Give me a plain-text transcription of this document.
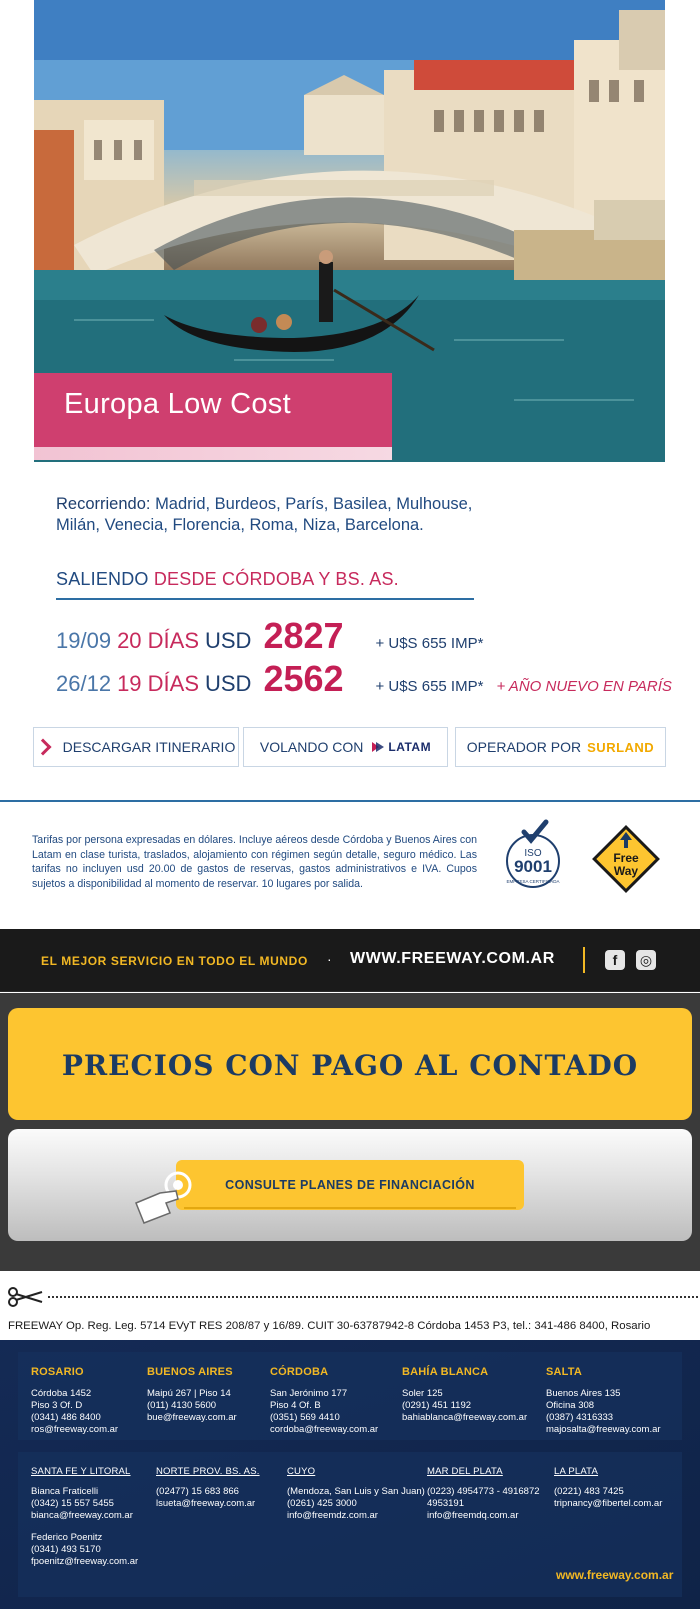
Europa Low Cost
Recorriendo: Madrid, Burdeos, París, Basilea, Mulhouse, Milán, Venecia, Florencia, Roma, Niza, Barcelona.
SALIENDO DESDE CÓRDOBA Y BS. AS.
19/09 20 DÍAS USD 2827	+ U$S 655 IMP*
26/12 19 DÍAS USD 2562	+ U$S 655 IMP* + AÑO NUEVO EN PARÍS
DESCARGAR ITINERARIO VOLANDO CON LATAM	OPERADOR POR SURLAND
Tarifas por persona expresadas en dólares. Incluye aéreos desde Córdoba y Buenos Aires con Latam en clase turista, traslados, alojamiento con régimen según detalle, seguro médico. Las tarifas no incluyen usd 20.00 de gastos de reservas, gastos administrativos e IVA. Cupos sujetos a disponibilidad al momento de reservar. 10 lugares por salida.
ISO
9001
EMPRESA CERTIFICADA
Free
Way
EL MEJOR SERVICIO EN TODO EL MUNDO · WWW.FREEWAY.COM.AR	f	◎
PRECIOS CON PAGO AL CONTADO
CONSULTE PLANES DE FINANCIACIÓN
FREEWAY Op. Reg. Leg. 5714 EVyT RES 208/87 y 16/89. CUIT 30-63787942-8 Córdoba 1453 P3, tel.: 341-486 8400, Rosario
ROSARIO
Córdoba 1452
Piso 3 Of. D
(0341) 486 8400
ros@freeway.com.ar
BUENOS AIRES
Maipú 267 | Piso 14
(011) 4130 5600
bue@freeway.com.ar
CÓRDOBA
San Jerónimo 177
Piso 4 Of. B
(0351) 569 4410
cordoba@freeway.com.ar
BAHÍA BLANCA
Soler 125
(0291) 451 1192
bahiablanca@freeway.com.ar
SALTA
Buenos Aires 135
Oficina 308
(0387) 4316333
majosalta@freeway.com.ar
SANTA FE Y LITORAL
Bianca Fraticelli
(0342) 15 557 5455
bianca@freeway.com.ar
Federico Poenitz
(0341) 493 5170
fpoenitz@freeway.com.ar
NORTE PROV. BS. AS.
(02477) 15 683 866
lsueta@freeway.com.ar
CUYO
(Mendoza, San Luis y San Juan)
(0261) 425 3000
info@freemdz.com.ar
MAR DEL PLATA
(0223) 4954773 - 4916872
4953191
info@freemdq.com.ar
LA PLATA
(0221) 483 7425
tripnancy@fibertel.com.ar
www.freeway.com.ar
